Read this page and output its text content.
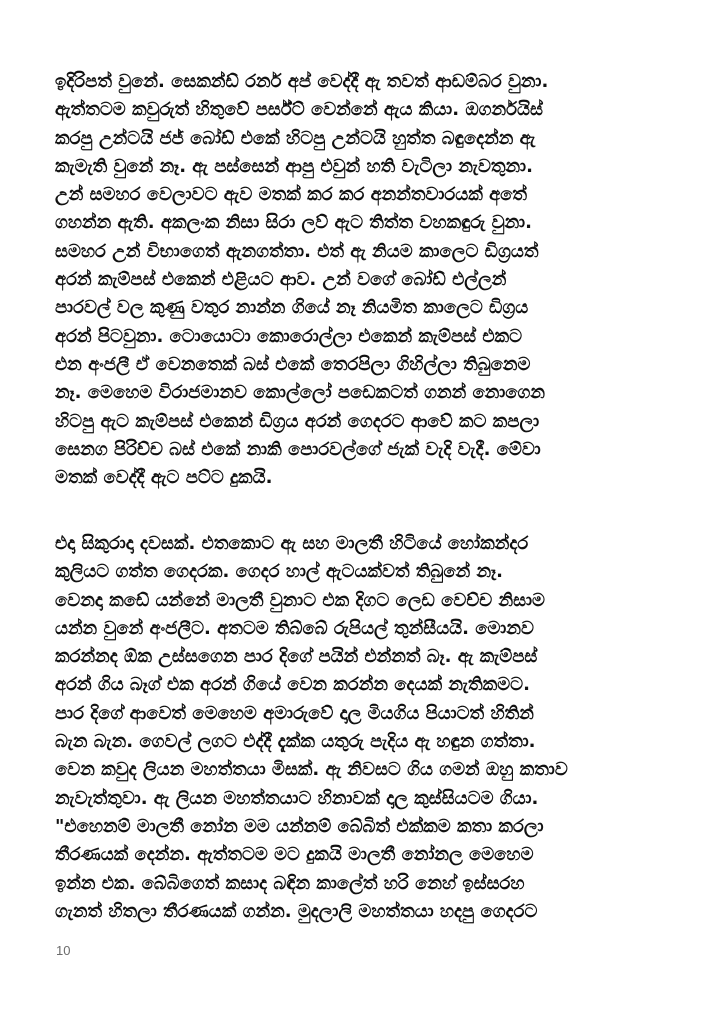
ඉදිරිපත් වුනේ. සෙකන්ඩ් රනර් අප් වෙද්දී ඇ තවත් ආඩම්බර වුනා.
ඇත්තටම කවුරුත් හිතුවේ පර්ස්ට් වෙන්නේ ඇය කියා. ඔගර්නයිස්
කරපු උන්ටයි ජජ් බෝඩ් එකේ හිටපු උන්ටයි හුත්ත බඳුදෙන්න ඇ
කැමැති වුනේ නෑ. ඇ පස්සෙන් ආපු එවුන් හති වැටිලා නැවතුනා.
උන් සමහර වෙලාවට ඇව මතක් කර කර අනන්තවාරයක් අතේ
ගහන්න ඇති. අකලංක නිසා සිරා ලව් ඇට තිත්ත වහකඳුරු වුනා.
සමහර උන් විභාගෙත් ඇනගත්තා. එත් ඇ නියම කාලෙට ඩිග්‍රයත්
අරන් කැම්පස් එකෙන් එළියට ආව. උන් වගේ බෝඩ් එල්ලන්
පාරවල් වල කුණු වතුර නාන්න ගියේ නෑ නියමිත කාලෙට ඩිග්‍රය
අරන් පිටවුනා. ටොයොටා කොරොල්ලා එකෙන් කැම්පස් එකට
එන අංජලී ඒ වෙනතෙක් බස් එකේ තෙරපිලා ගිහිල්ලා තිබුනෙම
නෑ. මෙහෙම විරාජමානව කොල්ලෝ පඩෙකටත් ගනන් නොගෙන
හිටපු ඇට කැම්පස් එකෙන් ඩිග්‍රය අරන් ගෙදරට ආවේ කට කපලා
සෙනග පිරිච්ච බස් එකේ නාකි පොරවල්ගේ ජැක් වැදි වැදී. මේවා
මතක් වෙද්දී ඇට පට්ට දුකයි.
එදා සිකුරාදා දවසක්. එතකොට ඇ සහ මාලතී හිටියේ හෝකන්දර
කුලියට ගත්ත ගෙදරක. ගෙදර හාල් ඇටයක්වත් තිබුනේ නෑ.
වෙනදා කඩේ යන්නේ මාලතී වුනාට එක දිගට ලෙඩ වෙච්ච නිසාම
යන්න වුනේ අංජලීට. අතටම තිබ්බේ රුපියල් තුන්සීයයි. මොනව
කරන්නද ඕක උස්සගෙන පාර දිගේ පයින් එන්නත් බෑ. ඇ කැම්පස්
අරන් ගිය බෑග් එක අරන් ගියේ වෙන කරන්න දෙයක් නැතිකමට.
පාර දිගේ ආවෙත් මෙහෙම අමාරුවේ දාල මියගිය පියාටත් හිතින්
බැන බැන. ගෙවල් ලගට එද්දී දැක්ක යතුරු පැදිය ඇ හඳුන ගත්තා.
වෙන කවුද ලියන මහත්තයා මිසක්. ඇ නිවසට ගිය ගමන් ඔහු කතාව
නැවැත්තුවා. ඇ ලියන මහත්තයාට හිනාවක් දාල කුස්සියටම ගියා.
"එහෙනම් මාලතී නෝන මම යන්නම් බේබිත් එක්කම කතා කරලා
තීරණයක් දෙන්න. ඇත්තටම මට දුකයි මාලතී නෝනල මෙහෙම
ඉන්න එක. බේබිගෙත් කසාද බඳින කාලේත් හරි නෙහ් ඉස්සරහ
ගැනත් හිතලා තීරණයක් ගන්න. මුදලාලි මහත්තයා හදපු ගෙදරට
10
